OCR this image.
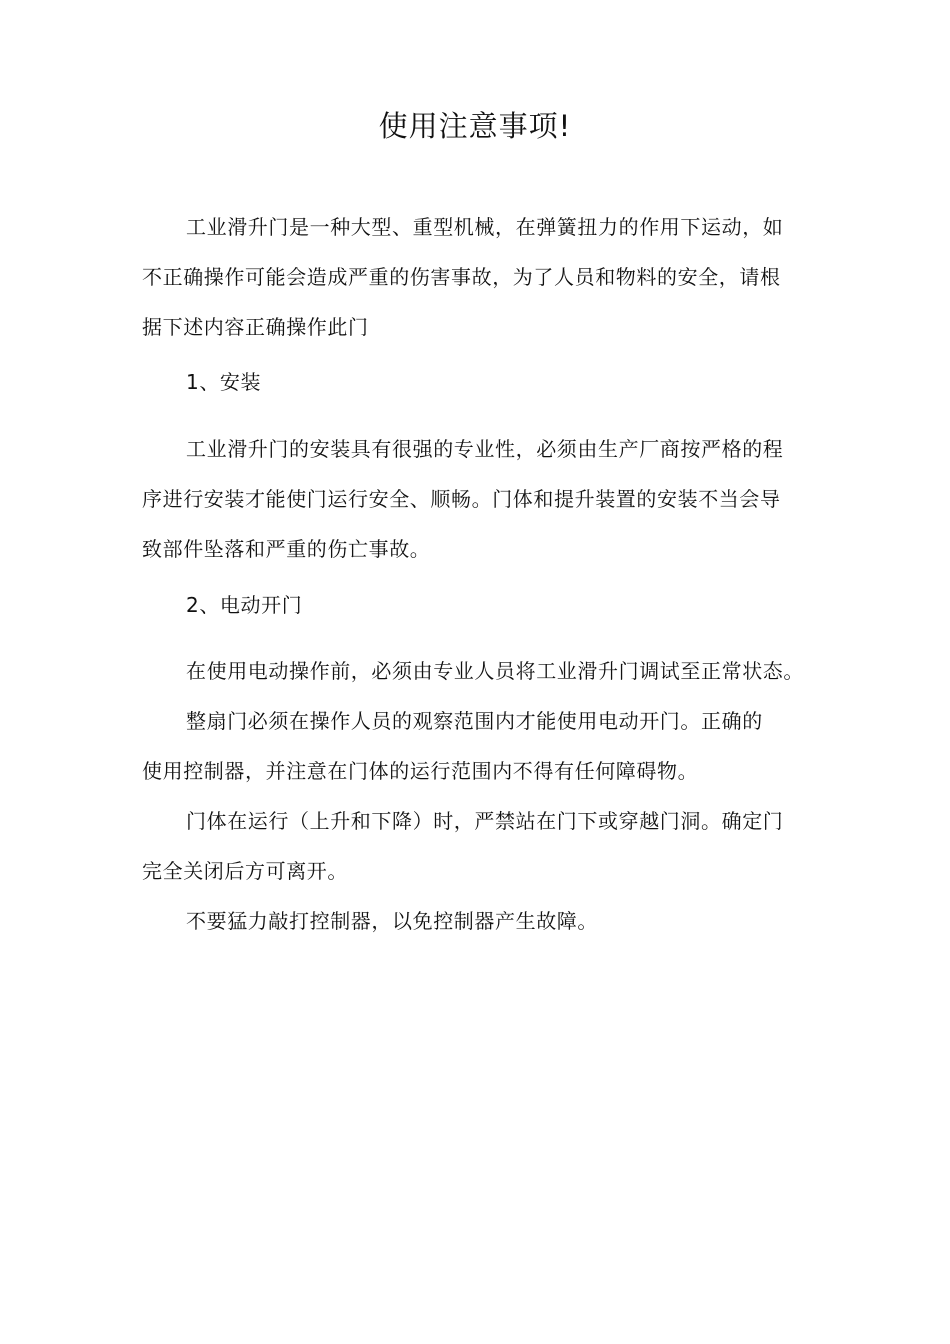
使用注意事项!
工业滑升门是一种大型、重型机械，在弹簧扭力的作用下运动，如
不正确操作可能会造成严重的伤害事故，为了人员和物料的安全，请根
据下述内容正确操作此门
1、安装
工业滑升门的安装具有很强的专业性，必须由生产厂商按严格的程
序进行安装才能使门运行安全、顺畅。门体和提升装置的安装不当会导
致部件坠落和严重的伤亡事故。
2、电动开门
在使用电动操作前，必须由专业人员将工业滑升门调试至正常状态。
整扇门必须在操作人员的观察范围内才能使用电动开门。正确的
使用控制器，并注意在门体的运行范围内不得有任何障碍物。
门体在运行（上升和下降）时，严禁站在门下或穿越门洞。确定门
完全关闭后方可离开。
不要猛力敲打控制器，以免控制器产生故障。
